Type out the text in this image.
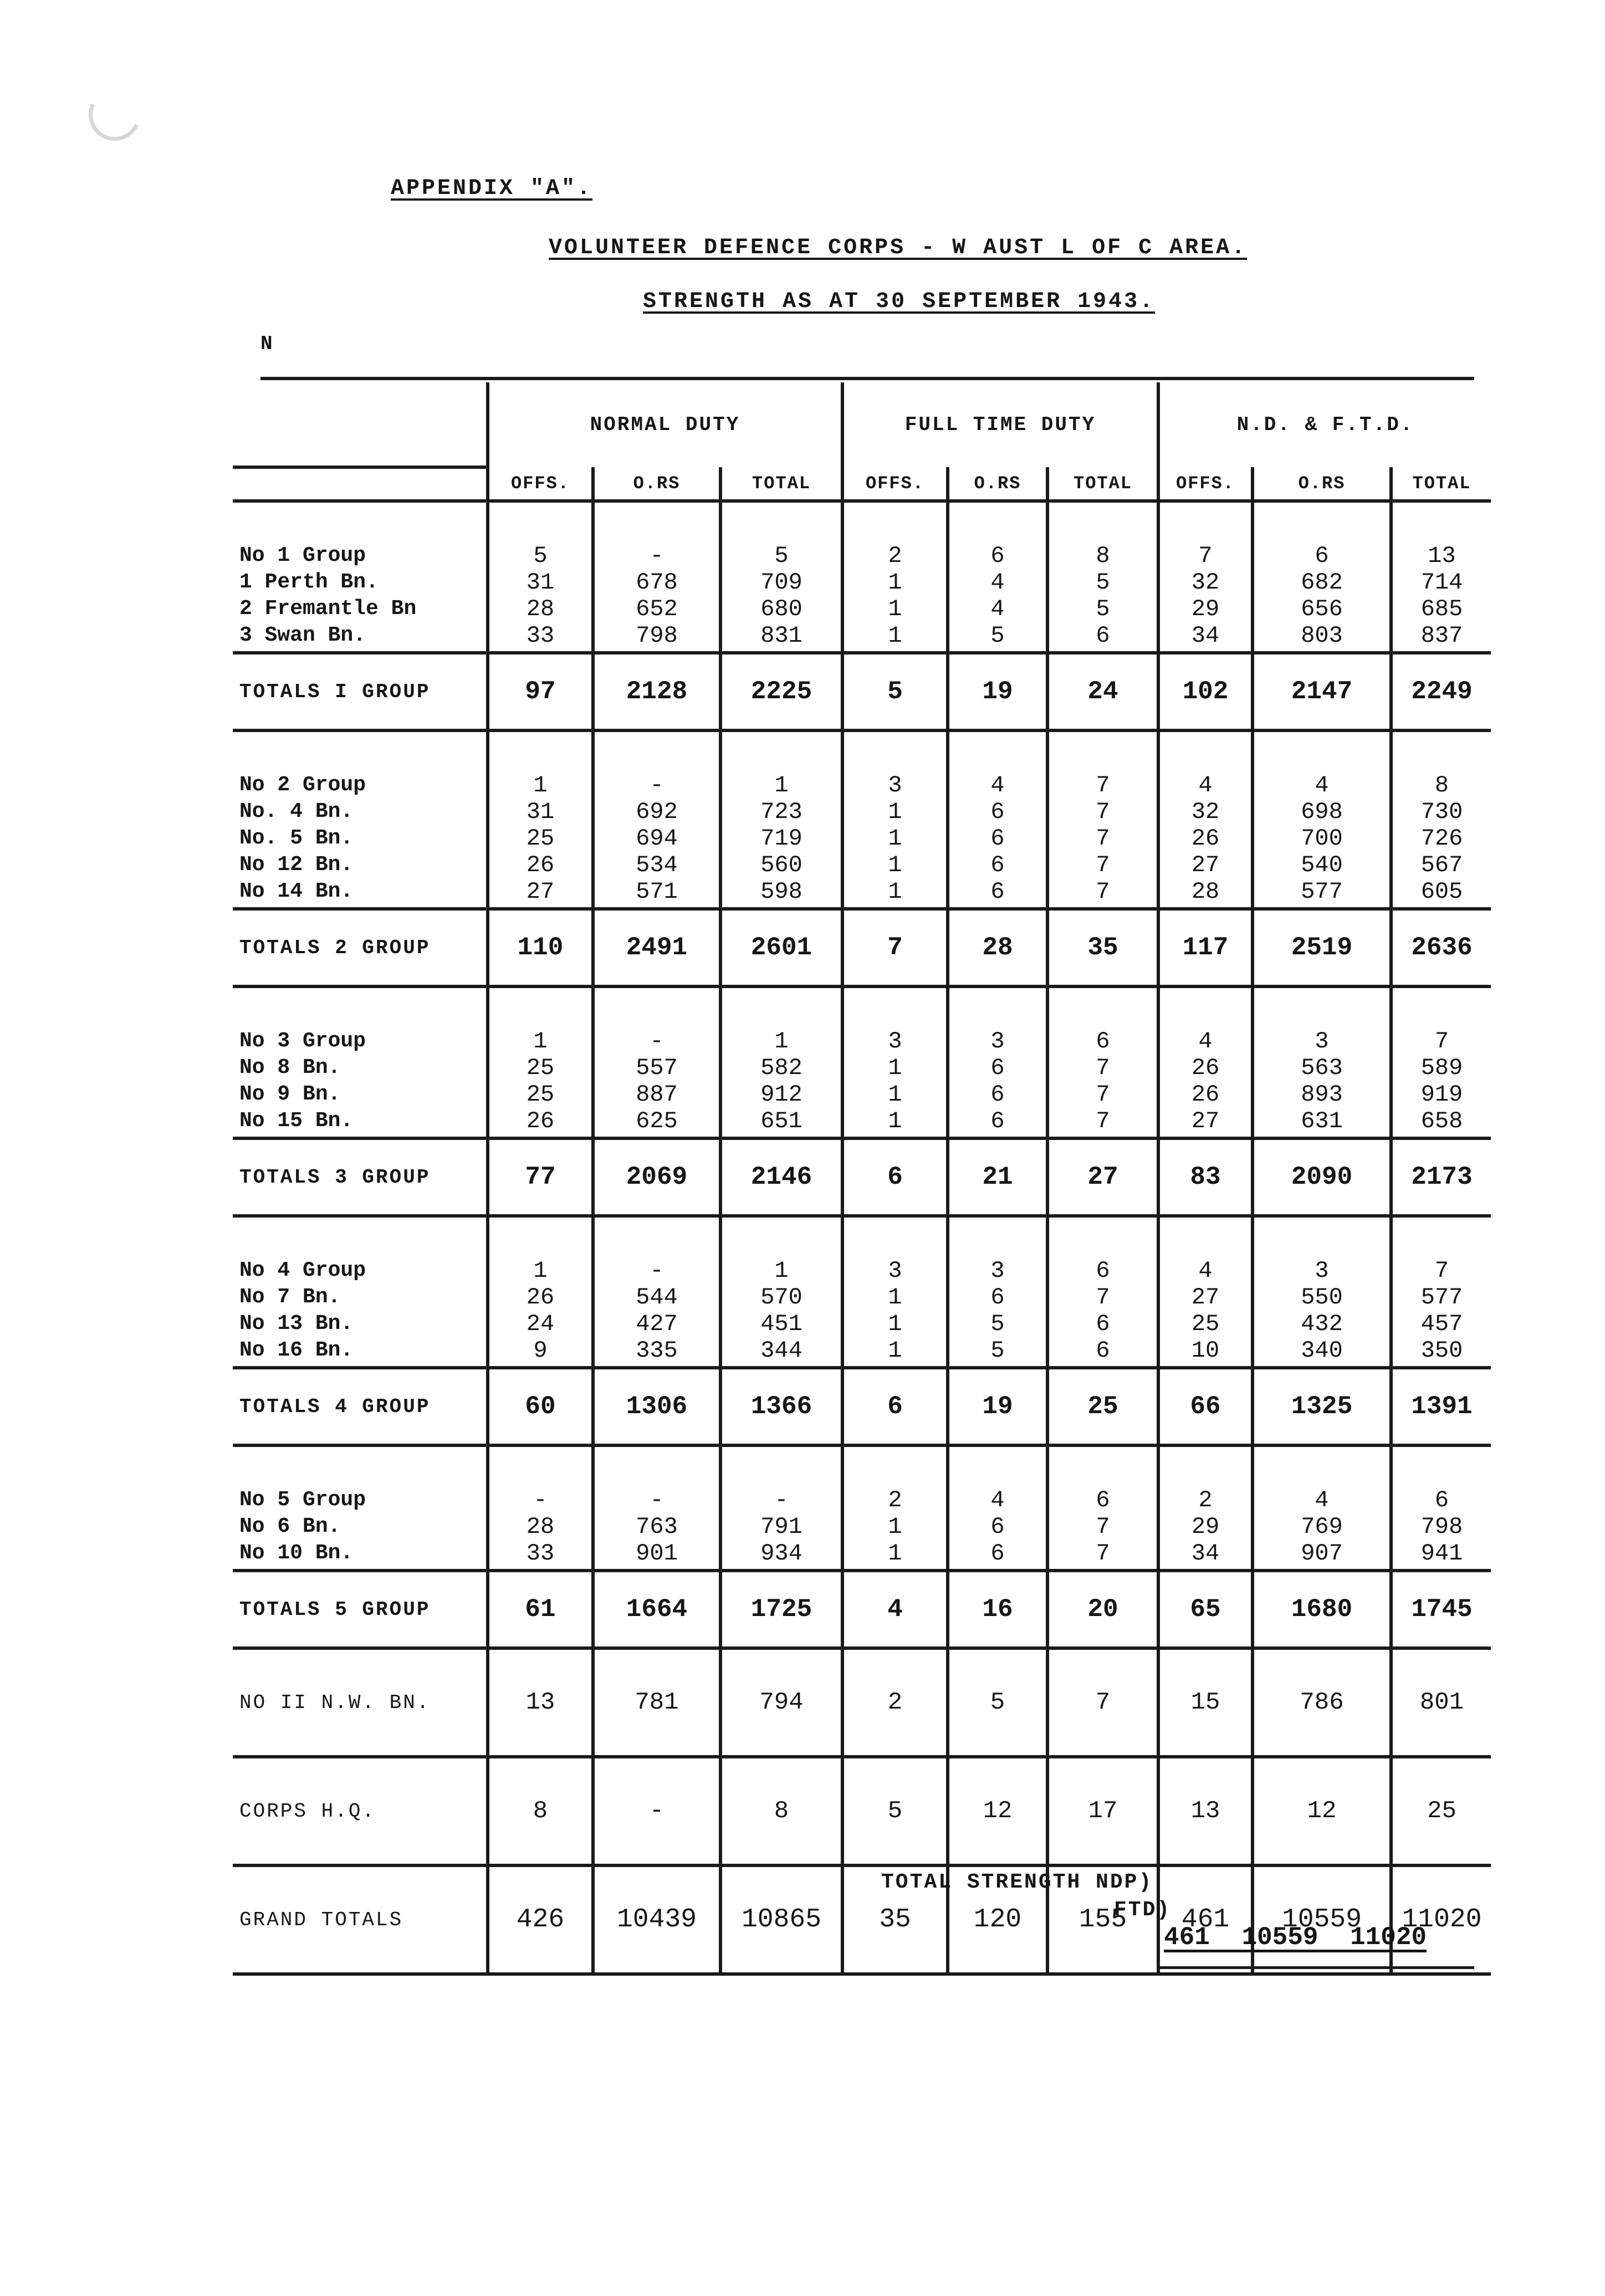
APPENDIX "A".
VOLUNTEER DEFENCE CORPS - W AUST L OF C AREA.
STRENGTH AS AT 30 SEPTEMBER 1943.
N
	NORMAL DUTY			FULL TIME DUTY			N.D. & F.T.D.		
	OFFS.	O.RS	TOTAL	OFFS.	O.RS	TOTAL	OFFS.	O.RS	TOTAL

No 1 Group	5	-	5	2	6	8	7	6	13
1 Perth Bn.	31	678	709	1	4	5	32	682	714
2 Fremantle Bn	28	652	680	1	4	5	29	656	685
3 Swan Bn.	33	798	831	1	5	6	34	803	837
TOTALS I GROUP	97	2128	2225	5	19	24	102	2147	2249

No 2 Group	1	-	1	3	4	7	4	4	8
No. 4 Bn.	31	692	723	1	6	7	32	698	730
No. 5 Bn.	25	694	719	1	6	7	26	700	726
No 12 Bn.	26	534	560	1	6	7	27	540	567
No 14 Bn.	27	571	598	1	6	7	28	577	605
TOTALS 2 GROUP	110	2491	2601	7	28	35	117	2519	2636

No 3 Group	1	-	1	3	3	6	4	3	7
No 8 Bn.	25	557	582	1	6	7	26	563	589
No 9 Bn.	25	887	912	1	6	7	26	893	919
No 15 Bn.	26	625	651	1	6	7	27	631	658
TOTALS 3 GROUP	77	2069	2146	6	21	27	83	2090	2173

No 4 Group	1	-	1	3	3	6	4	3	7
No 7 Bn.	26	544	570	1	6	7	27	550	577
No 13 Bn.	24	427	451	1	5	6	25	432	457
No 16 Bn.	9	335	344	1	5	6	10	340	350
TOTALS 4 GROUP	60	1306	1366	6	19	25	66	1325	1391

No 5 Group	-	-	-	2	4	6	2	4	6
No 6 Bn.	28	763	791	1	6	7	29	769	798
No 10 Bn.	33	901	934	1	6	7	34	907	941
TOTALS 5 GROUP	61	1664	1725	4	16	20	65	1680	1745
NO II N.W. BN.	13	781	794	2	5	7	15	786	801
CORPS H.Q.	8	-	8	5	12	17	13	12	25
GRAND TOTALS	426	10439	10865	35	120	155	461	10559	11020
TOTAL STRENGTH NDP)
FTD)
461 10559 11020
